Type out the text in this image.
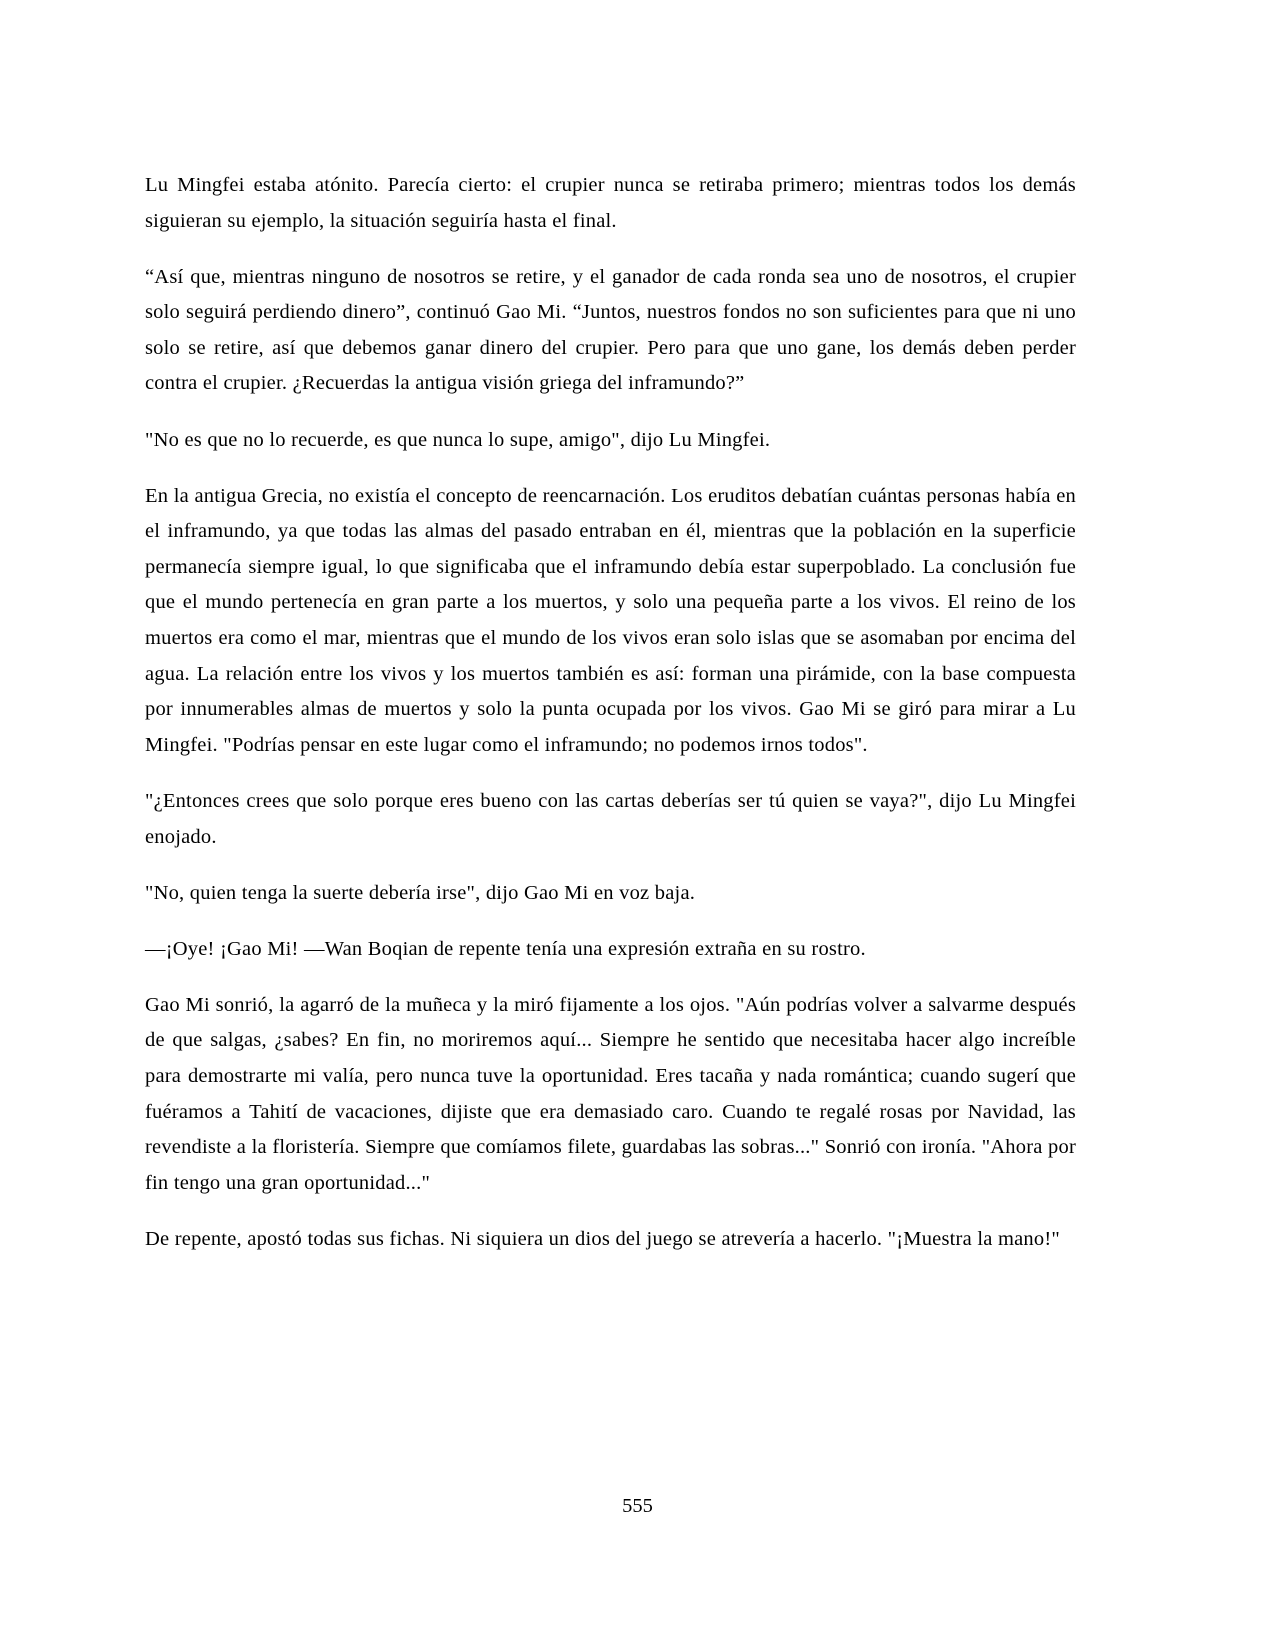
Lu Mingfei estaba atónito. Parecía cierto: el crupier nunca se retiraba primero; mientras todos los demás siguieran su ejemplo, la situación seguiría hasta el final.

“Así que, mientras ninguno de nosotros se retire, y el ganador de cada ronda sea uno de nosotros, el crupier solo seguirá perdiendo dinero”, continuó Gao Mi. “Juntos, nuestros fondos no son suficientes para que ni uno solo se retire, así que debemos ganar dinero del crupier. Pero para que uno gane, los demás deben perder contra el crupier. ¿Recuerdas la antigua visión griega del inframundo?”

"No es que no lo recuerde, es que nunca lo supe, amigo", dijo Lu Mingfei.

En la antigua Grecia, no existía el concepto de reencarnación. Los eruditos debatían cuántas personas había en el inframundo, ya que todas las almas del pasado entraban en él, mientras que la población en la superficie permanecía siempre igual, lo que significaba que el inframundo debía estar superpoblado. La conclusión fue que el mundo pertenecía en gran parte a los muertos, y solo una pequeña parte a los vivos. El reino de los muertos era como el mar, mientras que el mundo de los vivos eran solo islas que se asomaban por encima del agua. La relación entre los vivos y los muertos también es así: forman una pirámide, con la base compuesta por innumerables almas de muertos y solo la punta ocupada por los vivos. Gao Mi se giró para mirar a Lu Mingfei. "Podrías pensar en este lugar como el inframundo; no podemos irnos todos".

"¿Entonces crees que solo porque eres bueno con las cartas deberías ser tú quien se vaya?", dijo Lu Mingfei enojado.

"No, quien tenga la suerte debería irse", dijo Gao Mi en voz baja.

—¡Oye! ¡Gao Mi! —Wan Boqian de repente tenía una expresión extraña en su rostro.

Gao Mi sonrió, la agarró de la muñeca y la miró fijamente a los ojos. "Aún podrías volver a salvarme después de que salgas, ¿sabes? En fin, no moriremos aquí... Siempre he sentido que necesitaba hacer algo increíble para demostrarte mi valía, pero nunca tuve la oportunidad. Eres tacaña y nada romántica; cuando sugerí que fuéramos a Tahití de vacaciones, dijiste que era demasiado caro. Cuando te regalé rosas por Navidad, las revendiste a la floristería. Siempre que comíamos filete, guardabas las sobras..." Sonrió con ironía. "Ahora por fin tengo una gran oportunidad..."

De repente, apostó todas sus fichas. Ni siquiera un dios del juego se atrevería a hacerlo. "¡Muestra la mano!"

555
